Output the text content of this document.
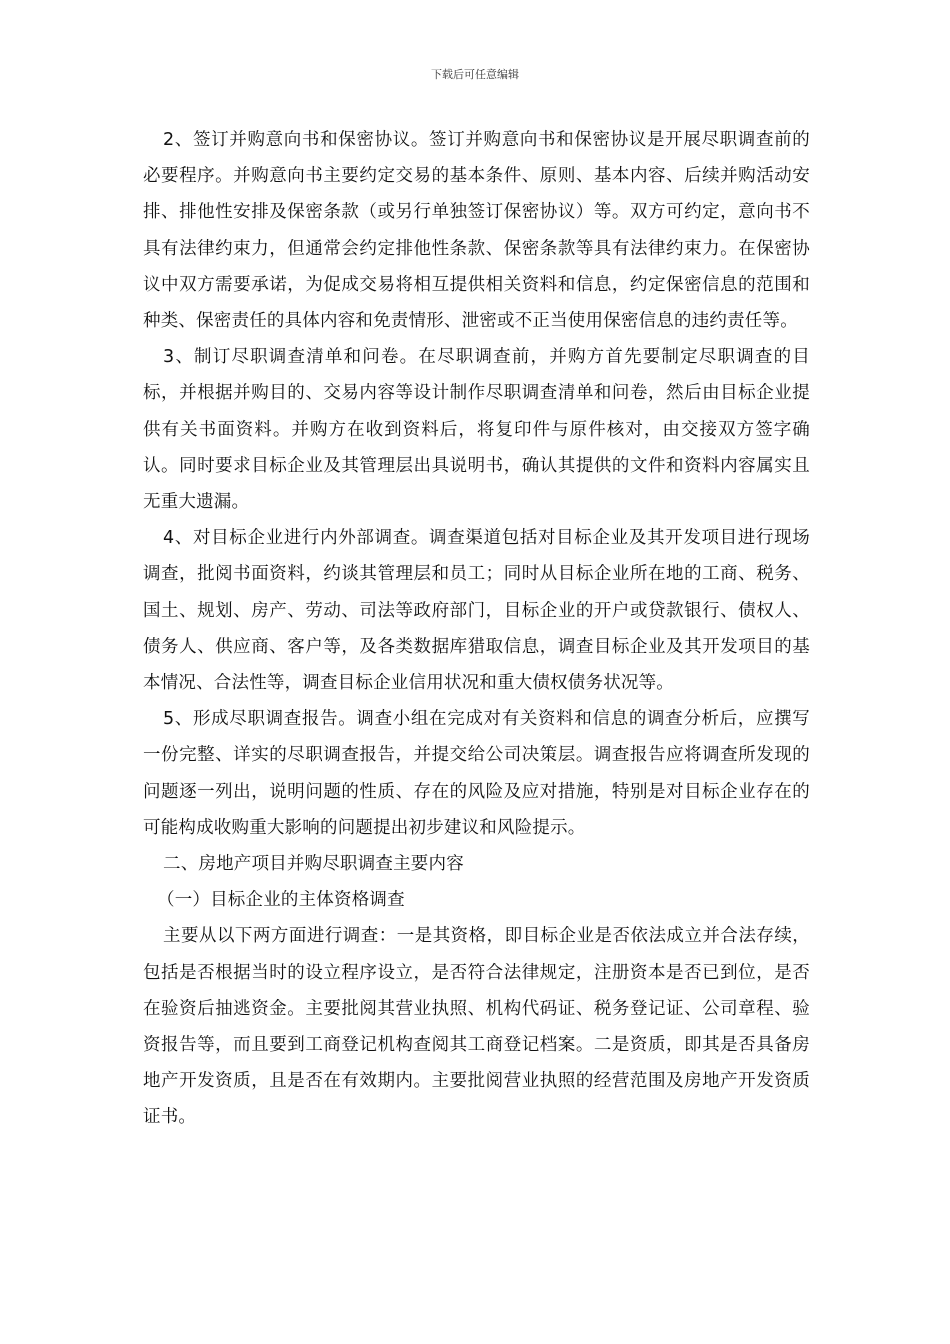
下载后可任意编辑

2、签订并购意向书和保密协议。签订并购意向书和保密协议是开展尽职调查前的必要程序。并购意向书主要约定交易的基本条件、原则、基本内容、后续并购活动安排、排他性安排及保密条款（或另行单独签订保密协议）等。双方可约定，意向书不具有法律约束力，但通常会约定排他性条款、保密条款等具有法律约束力。在保密协议中双方需要承诺，为促成交易将相互提供相关资料和信息，约定保密信息的范围和种类、保密责任的具体内容和免责情形、泄密或不正当使用保密信息的违约责任等。

3、制订尽职调查清单和问卷。在尽职调查前，并购方首先要制定尽职调查的目标，并根据并购目的、交易内容等设计制作尽职调查清单和问卷，然后由目标企业提供有关书面资料。并购方在收到资料后，将复印件与原件核对，由交接双方签字确认。同时要求目标企业及其管理层出具说明书，确认其提供的文件和资料内容属实且无重大遗漏。

4、对目标企业进行内外部调查。调查渠道包括对目标企业及其开发项目进行现场调查，批阅书面资料，约谈其管理层和员工；同时从目标企业所在地的工商、税务、国土、规划、房产、劳动、司法等政府部门，目标企业的开户或贷款银行、债权人、债务人、供应商、客户等，及各类数据库猎取信息，调查目标企业及其开发项目的基本情况、合法性等，调查目标企业信用状况和重大债权债务状况等。

5、形成尽职调查报告。调查小组在完成对有关资料和信息的调查分析后，应撰写一份完整、详实的尽职调查报告，并提交给公司决策层。调查报告应将调查所发现的问题逐一列出，说明问题的性质、存在的风险及应对措施，特别是对目标企业存在的可能构成收购重大影响的问题提出初步建议和风险提示。

二、房地产项目并购尽职调查主要内容

（一）目标企业的主体资格调查

主要从以下两方面进行调查：一是其资格，即目标企业是否依法成立并合法存续，包括是否根据当时的设立程序设立，是否符合法律规定，注册资本是否已到位，是否在验资后抽逃资金。主要批阅其营业执照、机构代码证、税务登记证、公司章程、验资报告等，而且要到工商登记机构查阅其工商登记档案。二是资质，即其是否具备房地产开发资质，且是否在有效期内。主要批阅营业执照的经营范围及房地产开发资质证书。
